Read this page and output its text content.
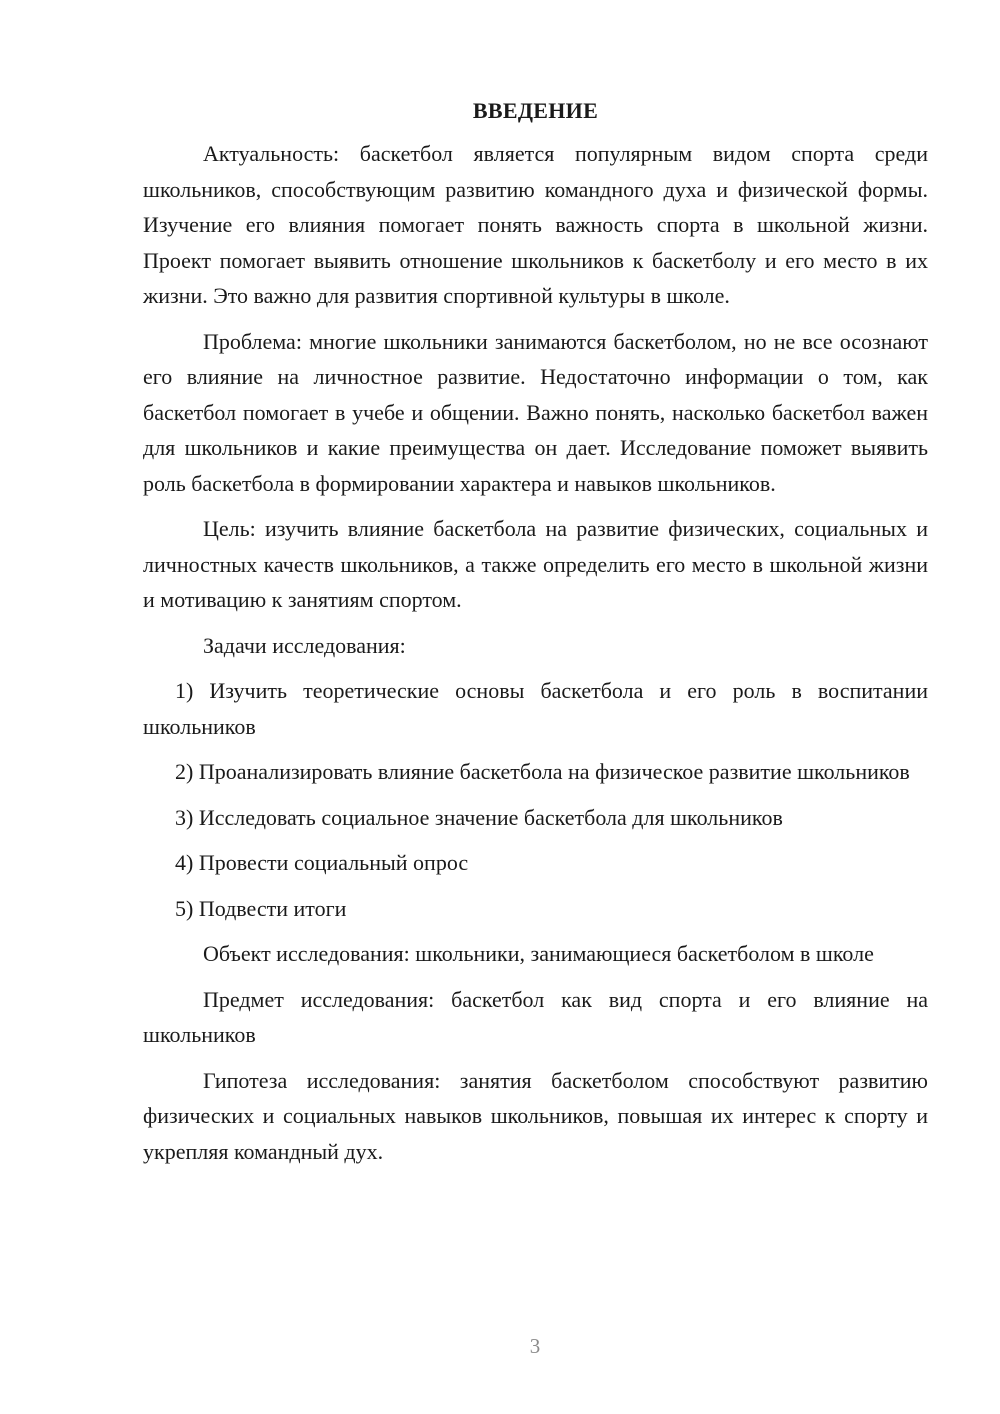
ВВЕДЕНИЕ

Актуальность: баскетбол является популярным видом спорта среди школьников, способствующим развитию командного духа и физической формы. Изучение его влияния помогает понять важность спорта в школьной жизни. Проект помогает выявить отношение школьников к баскетболу и его место в их жизни. Это важно для развития спортивной культуры в школе.

Проблема: многие школьники занимаются баскетболом, но не все осознают его влияние на личностное развитие. Недостаточно информации о том, как баскетбол помогает в учебе и общении. Важно понять, насколько баскетбол важен для школьников и какие преимущества он дает. Исследование поможет выявить роль баскетбола в формировании характера и навыков школьников.

Цель: изучить влияние баскетбола на развитие физических, социальных и личностных качеств школьников, а также определить его место в школьной жизни и мотивацию к занятиям спортом.

Задачи исследования:

1) Изучить теоретические основы баскетбола и его роль в воспитании школьников

2) Проанализировать влияние баскетбола на физическое развитие школьников

3) Исследовать социальное значение баскетбола для школьников

4) Провести социальный опрос

5) Подвести итоги

Объект исследования: школьники, занимающиеся баскетболом в школе

Предмет исследования: баскетбол как вид спорта и его влияние на школьников

Гипотеза исследования: занятия баскетболом способствуют развитию физических и социальных навыков школьников, повышая их интерес к спорту и укрепляя командный дух.

3
